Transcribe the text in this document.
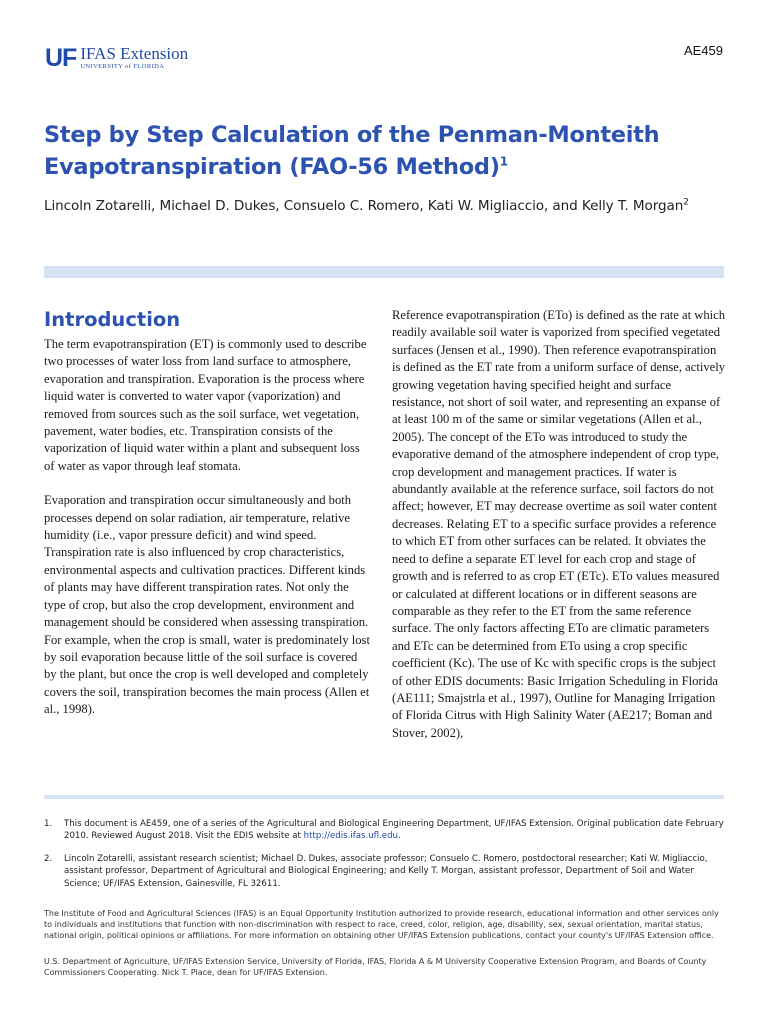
UF IFAS Extension
UNIVERSITY of FLORIDA
AE459
Step by Step Calculation of the Penman-Monteith Evapotranspiration (FAO-56 Method)$^1$
Lincoln Zotarelli, Michael D. Dukes, Consuelo C. Romero, Kati W. Migliaccio, and Kelly T. Morgan$^2$
Introduction

The term evapotranspiration (ET) is commonly used to describe two processes of water loss from land surface to atmosphere, evaporation and transpiration. Evaporation is the process where liquid water is converted to water vapor (vaporization) and removed from sources such as the soil surface, wet vegetation, pavement, water bodies, etc. Transpiration consists of the vaporization of liquid water within a plant and subsequent loss of water as vapor through leaf stomata.

Evaporation and transpiration occur simultaneously and both processes depend on solar radiation, air temperature, relative humidity (i.e., vapor pressure deficit) and wind speed. Transpiration rate is also influenced by crop characteristics, environmental aspects and cultivation practices. Different kinds of plants may have different transpiration rates. Not only the type of crop, but also the crop development, environment and management should be considered when assessing transpiration. For example, when the crop is small, water is predominately lost by soil evaporation because little of the soil surface is covered by the plant, but once the crop is well developed and completely covers the soil, transpiration becomes the main process (Allen et al., 1998).

Reference evapotranspiration (ETo) is defined as the rate at which readily available soil water is vaporized from specified vegetated surfaces (Jensen et al., 1990). Then reference evapotranspiration is defined as the ET rate from a uniform surface of dense, actively growing vegetation having specified height and surface resistance, not short of soil water, and representing an expanse of at least 100 m of the same or similar vegetations (Allen et al., 2005). The concept of the ETo was introduced to study the evaporative demand of the atmosphere independent of crop type, crop development and management practices. If water is abundantly available at the reference surface, soil factors do not affect; however, ET may decrease overtime as soil water content decreases. Relating ET to a specific surface provides a reference to which ET from other surfaces can be related. It obviates the need to define a separate ET level for each crop and stage of growth and is referred to as crop ET (ETc). ETo values measured or calculated at different locations or in different seasons are comparable as they refer to the ET from the same reference surface. The only factors affecting ETo are climatic parameters and ETc can be determined from ETo using a crop specific coefficient (Kc). The use of Kc with specific crops is the subject of other EDIS documents: Basic Irrigation Scheduling in Florida (AE111; Smajstrla et al., 1997), Outline for Managing Irrigation of Florida Citrus with High Salinity Water (AE217; Boman and Stover, 2002),

1.	This document is AE459, one of a series of the Agricultural and Biological Engineering Department, UF/IFAS Extension. Original publication date February 2010. Reviewed August 2018. Visit the EDIS website at http://edis.ifas.ufl.edu.
2.	Lincoln Zotarelli, assistant research scientist; Michael D. Dukes, associate professor; Consuelo C. Romero, postdoctoral researcher; Kati W. Migliaccio, assistant professor, Department of Agricultural and Biological Engineering; and Kelly T. Morgan, assistant professor, Department of Soil and Water Science; UF/IFAS Extension, Gainesville, FL 32611.
The Institute of Food and Agricultural Sciences (IFAS) is an Equal Opportunity Institution authorized to provide research, educational information and other services only to individuals and institutions that function with non-discrimination with respect to race, creed, color, religion, age, disability, sex, sexual orientation, marital status, national origin, political opinions or affiliations. For more information on obtaining other UF/IFAS Extension publications, contact your county's UF/IFAS Extension office.
U.S. Department of Agriculture, UF/IFAS Extension Service, University of Florida, IFAS, Florida A & M University Cooperative Extension Program, and Boards of County Commissioners Cooperating. Nick T. Place, dean for UF/IFAS Extension.
